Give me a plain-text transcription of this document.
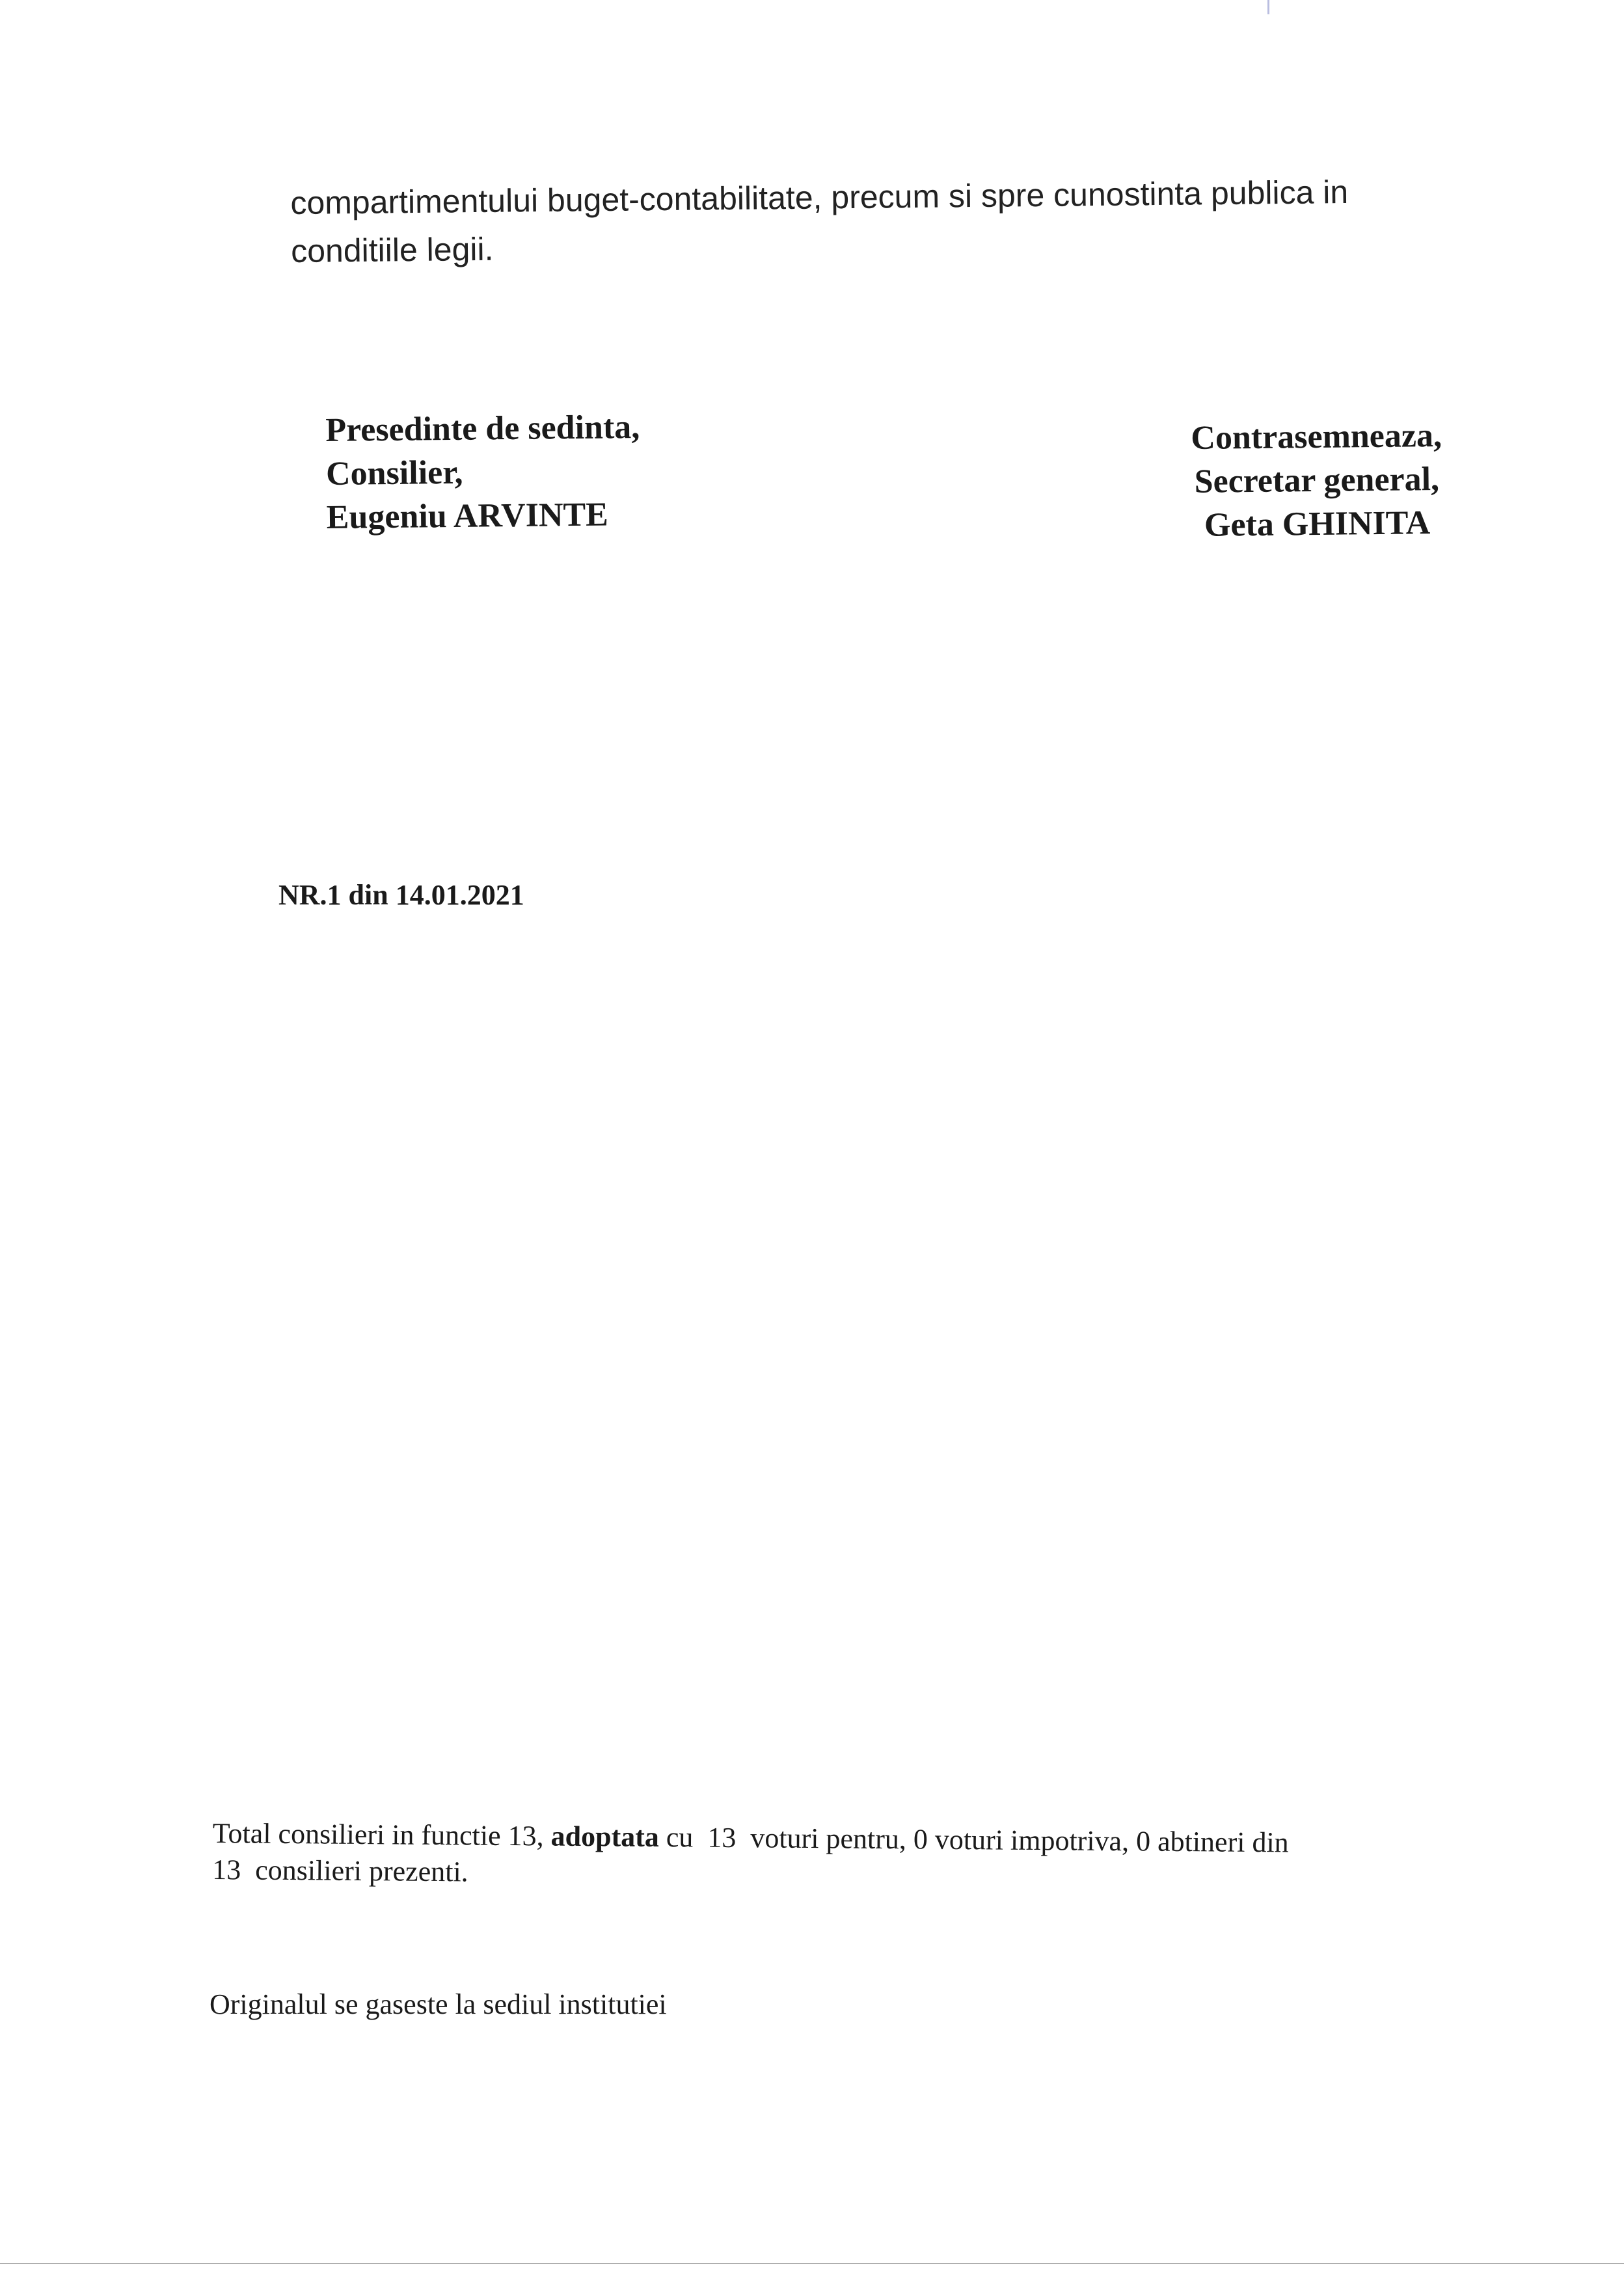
compartimentului buget-contabilitate, precum si spre cunostinta publica in
conditiile legii.
Presedinte de sedinta,
Consilier,
Eugeniu ARVINTE
Contrasemneaza,
Secretar general,
Geta GHINITA
NR.1 din 14.01.2021
Total consilieri in functie 13, adoptata cu  13  voturi pentru, 0 voturi impotriva, 0 abtineri din
13  consilieri prezenti.
Originalul se gaseste la sediul institutiei
